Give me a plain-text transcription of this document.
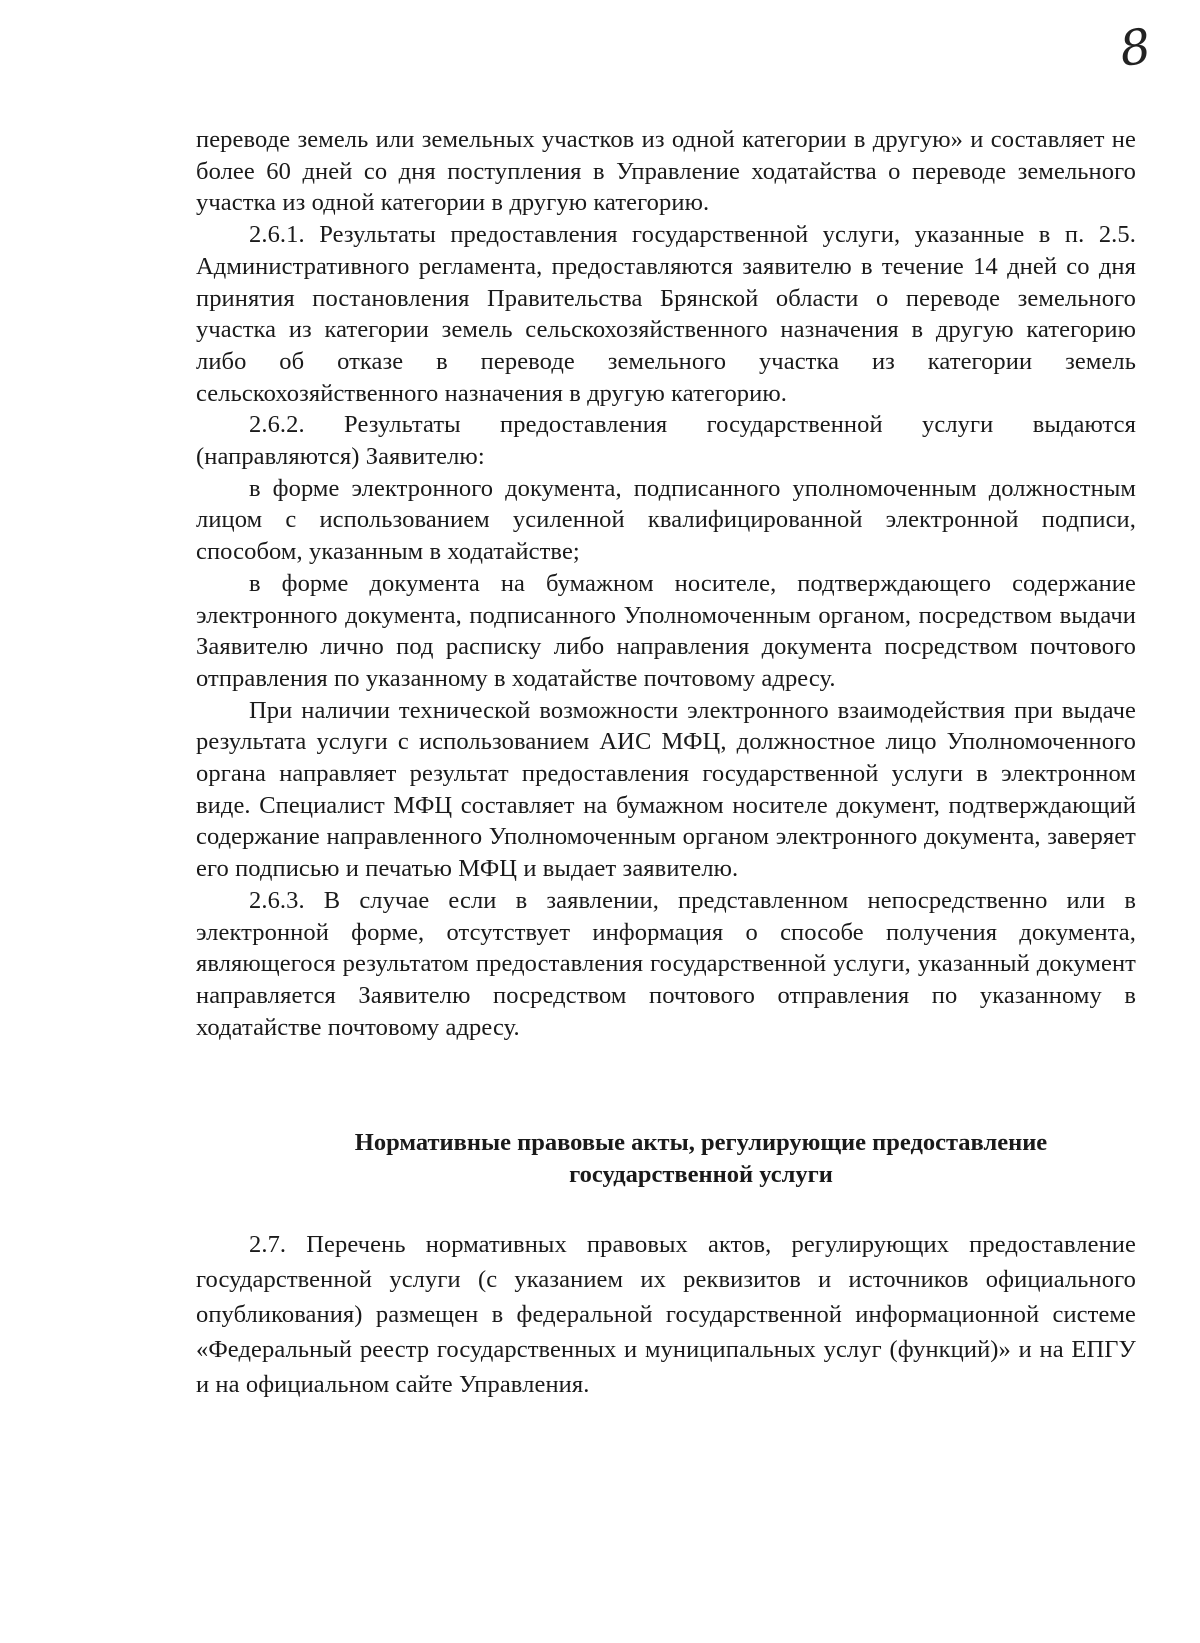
8

переводе земель или земельных участков из одной категории в другую» и составляет не более 60 дней со дня поступления в Управление ходатайства о переводе земельного участка из одной категории в другую категорию.

2.6.1. Результаты предоставления государственной услуги, указанные в п. 2.5. Административного регламента, предоставляются заявителю в течение 14 дней со дня принятия постановления Правительства Брянской области о переводе земельного участка из категории земель сельскохозяйственного назначения в другую категорию либо об отказе в переводе земельного участка из категории земель сельскохозяйственного назначения в другую категорию.

2.6.2. Результаты предоставления государственной услуги выдаются (направляются) Заявителю:

в форме электронного документа, подписанного уполномоченным должностным лицом с использованием усиленной квалифицированной электронной подписи, способом, указанным в ходатайстве;

в форме документа на бумажном носителе, подтверждающего содержание электронного документа, подписанного Уполномоченным органом, посредством выдачи Заявителю лично под расписку либо направления документа посредством почтового отправления по указанному в ходатайстве почтовому адресу.

При наличии технической возможности электронного взаимодействия при выдаче результата услуги с использованием АИС МФЦ, должностное лицо Уполномоченного органа направляет результат предоставления государственной услуги в электронном виде. Специалист МФЦ составляет на бумажном носителе документ, подтверждающий содержание направленного Уполномоченным органом электронного документа, заверяет его подписью и печатью МФЦ и выдает заявителю.

2.6.3. В случае если в заявлении, представленном непосредственно или в электронной форме, отсутствует информация о способе получения документа, являющегося результатом предоставления государственной услуги, указанный документ направляется Заявителю посредством почтового отправления по указанному в ходатайстве почтовому адресу.

Нормативные правовые акты, регулирующие предоставление
государственной услуги

2.7. Перечень нормативных правовых актов, регулирующих предоставление государственной услуги (с указанием их реквизитов и источников официального опубликования) размещен в федеральной государственной информационной системе «Федеральный реестр государственных и муниципальных услуг (функций)» и на ЕПГУ и на официальном сайте Управления.
